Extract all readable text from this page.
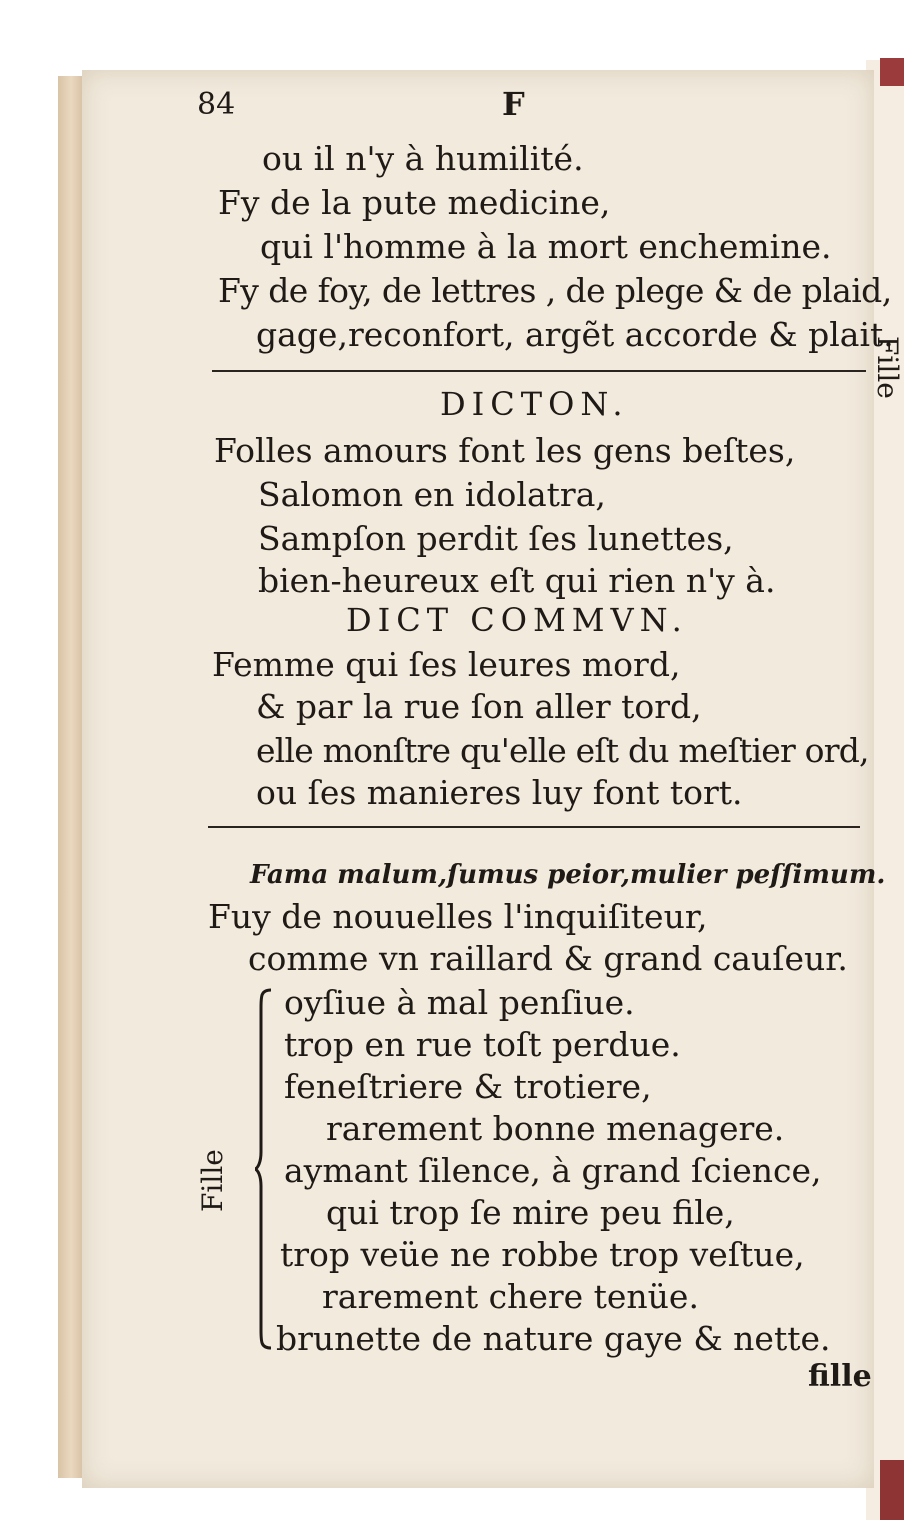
84	F
ou il n'y à humilité.
Fy de la pute medicine,
qui l'homme à la mort enchemine.
Fy de foy, de lettres , de plege & de plaid,
gage,reconfort, argẽt accorde & plait.
DICTON.
Folles amours font les gens beſtes,
Salomon en idolatra,
Sampſon perdit ſes lunettes,
bien-heureux eſt qui rien n'y à.
DICT COMMVN.
Femme qui ſes leures mord,
& par la rue ſon aller tord,
elle monſtre qu'elle eſt du meſtier ord,
ou ſes manieres luy font tort.
Fama malum,ſumus peior,mulier peſſimum.
Fuy de nouuelles l'inquiſiteur,
comme vn raillard & grand cauſeur.
Fille
oyſiue à mal penſiue.
trop en rue toſt perdue.
feneſtriere & trotiere,
rarement bonne menagere.
aymant ſilence, à grand ſcience,
qui trop ſe mire peu file,
trop veüe ne robbe trop veſtue,
rarement chere tenüe.
brunette de nature gaye & nette.
fille
Fille
